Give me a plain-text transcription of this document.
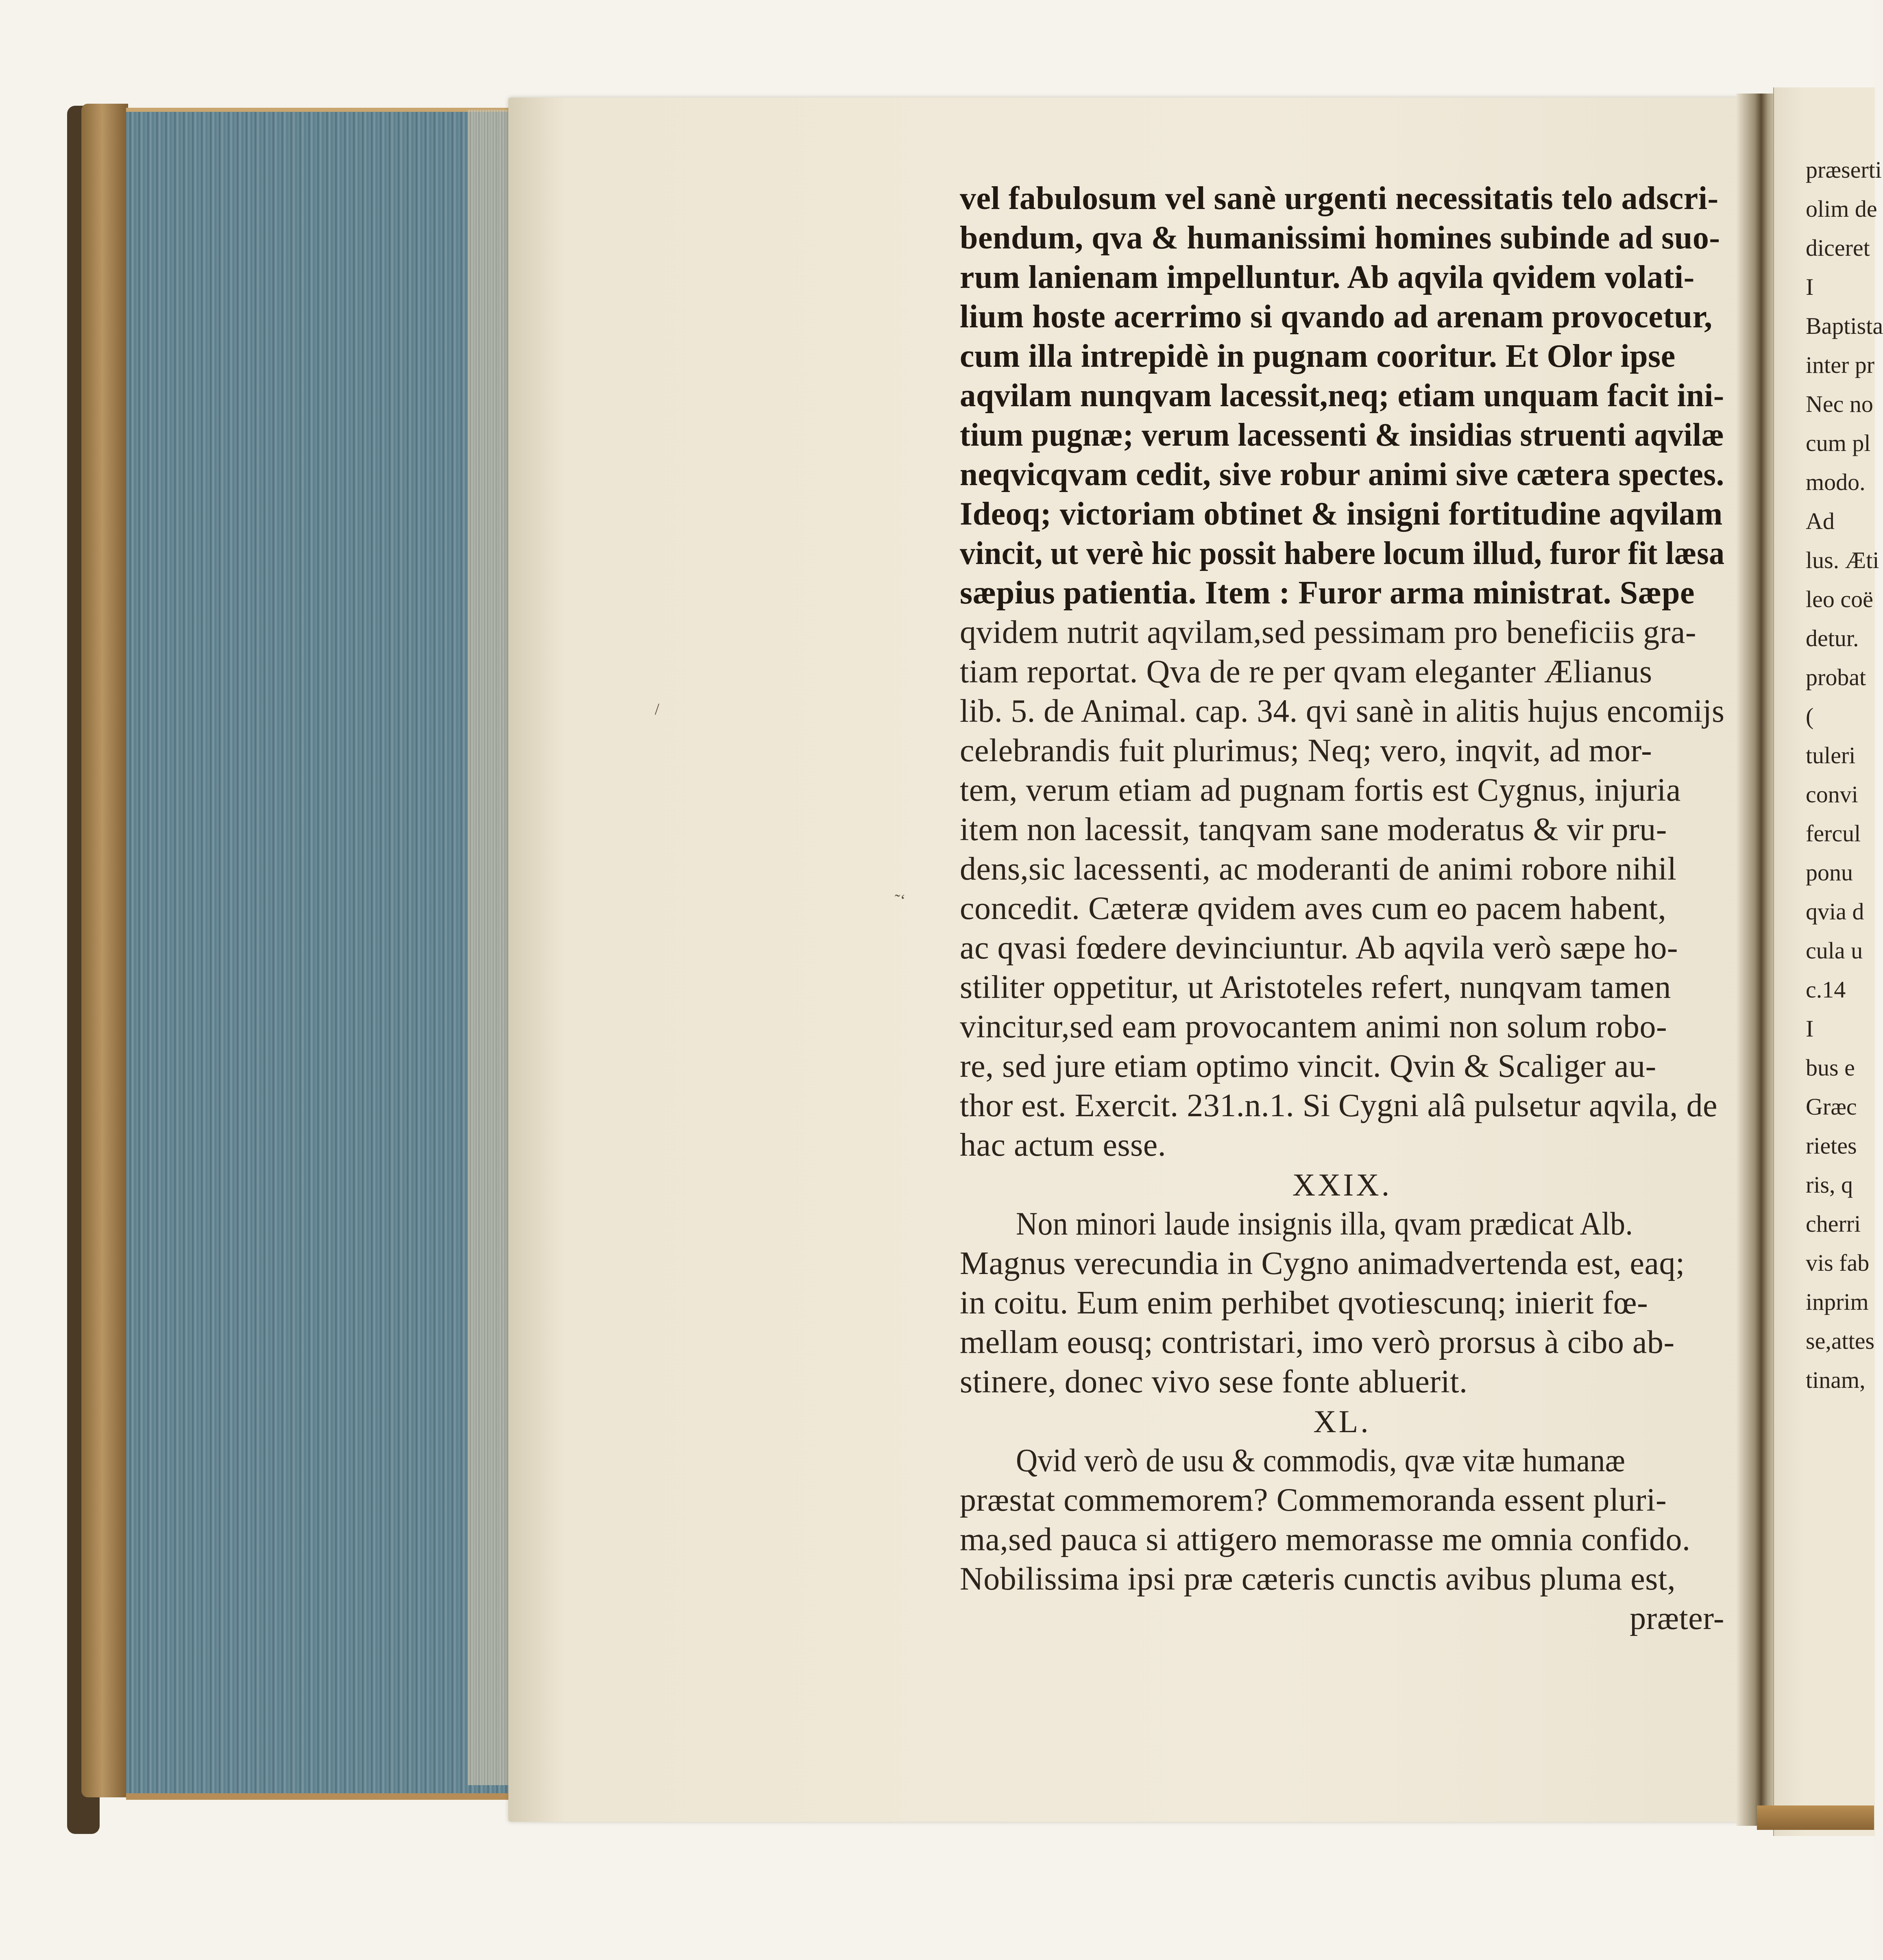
˜ʻ
/
vel fabulosum vel sanè urgenti necessitatis telo adscri-
bendum, qva & humanissimi homines subinde ad suo-
rum lanienam impelluntur. Ab aqvila qvidem volati-
lium hoste acerrimo si qvando ad arenam provocetur,
cum illa intrepidè in pugnam cooritur. Et Olor ipse
aqvilam nunqvam lacessit,neq; etiam unquam facit ini-
tium pugnæ; verum lacessenti & insidias struenti aqvilæ
neqvicqvam cedit, sive robur animi sive cætera spectes.
Ideoq; victoriam obtinet & insigni fortitudine aqvilam
vincit, ut verè hic possit habere locum illud, furor fit læsa
sæpius patientia. Item : Furor arma ministrat. Sæpe
qvidem nutrit aqvilam,sed pessimam pro beneficiis gra-
tiam reportat. Qva de re per qvam eleganter Ælianus
lib. 5. de Animal. cap. 34. qvi sanè in alitis hujus encomijs
celebrandis fuit plurimus; Neq; vero, inqvit, ad mor-
tem, verum etiam ad pugnam fortis est Cygnus, injuria
item non lacessit, tanqvam sane moderatus & vir pru-
dens,sic lacessenti, ac moderanti de animi robore nihil
concedit. Cæteræ qvidem aves cum eo pacem habent,
ac qvasi fœdere devinciuntur. Ab aqvila verò sæpe ho-
stiliter oppetitur, ut Aristoteles refert, nunqvam tamen
vincitur,sed eam provocantem animi non solum robo-
re, sed jure etiam optimo vincit. Qvin & Scaliger au-
thor est. Exercit. 231.n.1. Si Cygni alâ pulsetur aqvila, de
hac actum esse.
XXIX.
Non minori laude insignis illa, qvam prædicat Alb.
Magnus verecundia in Cygno animadvertenda est, eaq;
in coitu. Eum enim perhibet qvotiescunq; inierit fœ-
mellam eousq; contristari, imo verò prorsus à cibo ab-
stinere, donec vivo sese fonte abluerit.
XL.
Qvid verò de usu & commodis, qvæ vitæ humanæ
præstat commemorem? Commemoranda essent pluri-
ma,sed pauca si attigero memorasse me omnia confido.
Nobilissima ipsi præ cæteris cunctis avibus pluma est,
præter-
præserti
olim de
diceret
I
Baptista
inter pr
Nec no
cum pl
modo.
Ad
lus. Æti
leo coë
detur.
probat
(
tuleri
convi
fercul
ponu
qvia d
cula u
c.14
I
bus e
Græc
rietes
ris, q
cherri
vis fab
inprim
se,attes
tinam,
